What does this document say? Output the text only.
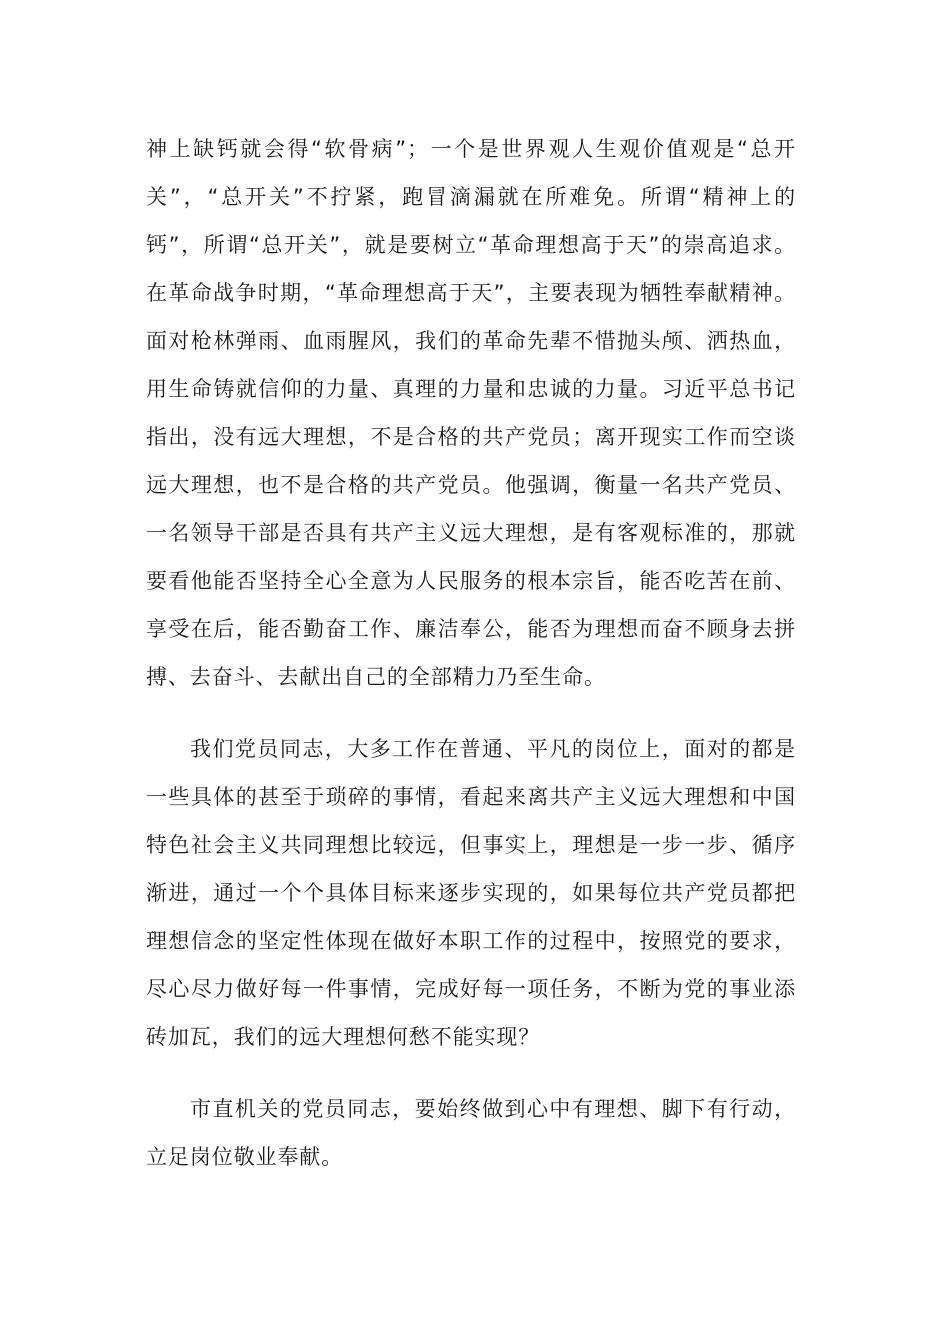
神上缺钙就会得“软骨病”；一个是世界观人生观价值观是“总开关”，“总开关”不拧紧，跑冒滴漏就在所难免。所谓“精神上的钙”，所谓“总开关”，就是要树立“革命理想高于天”的崇高追求。在革命战争时期，“革命理想高于天”，主要表现为牺牲奉献精神。面对枪林弹雨、血雨腥风，我们的革命先辈不惜抛头颅、洒热血，用生命铸就信仰的力量、真理的力量和忠诚的力量。习近平总书记指出，没有远大理想，不是合格的共产党员；离开现实工作而空谈远大理想，也不是合格的共产党员。他强调，衡量一名共产党员、一名领导干部是否具有共产主义远大理想，是有客观标准的，那就要看他能否坚持全心全意为人民服务的根本宗旨，能否吃苦在前、享受在后，能否勤奋工作、廉洁奉公，能否为理想而奋不顾身去拼搏、去奋斗、去献出自己的全部精力乃至生命。

我们党员同志，大多工作在普通、平凡的岗位上，面对的都是一些具体的甚至于琐碎的事情，看起来离共产主义远大理想和中国特色社会主义共同理想比较远，但事实上，理想是一步一步、循序渐进，通过一个个具体目标来逐步实现的，如果每位共产党员都把理想信念的坚定性体现在做好本职工作的过程中，按照党的要求，尽心尽力做好每一件事情，完成好每一项任务，不断为党的事业添砖加瓦，我们的远大理想何愁不能实现？

市直机关的党员同志，要始终做到心中有理想、脚下有行动，立足岗位敬业奉献。
